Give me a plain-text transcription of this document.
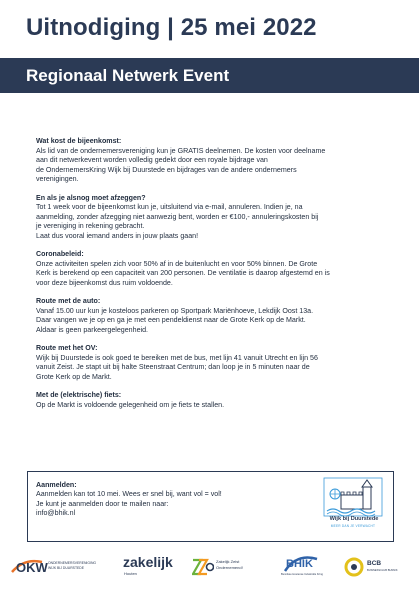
Uitnodiging | 25 mei 2022
Regionaal Netwerk Event
Wat kost de bijeenkomst:
Als lid van de ondernemersvereniging kun je GRATIS deelnemen. De kosten voor deelname
aan dit netwerkevent worden volledig gedekt door een royale bijdrage van
de OndernemersKring Wijk bij Duurstede en bijdrages van de andere ondernemers
verenigingen.
En als je alsnog moet afzeggen?
Tot 1 week voor de bijeenkomst kun je, uitsluitend via e-mail, annuleren. Indien je, na
aanmelding, zonder afzegging niet aanwezig bent, worden er €100,- annuleringskosten bij
je vereniging in rekening gebracht.
Laat dus vooral iemand anders in jouw plaats gaan!
Coronabeleid:
Onze activiteiten spelen zich voor 50% af in de buitenlucht en voor 50% binnen. De Grote
Kerk is berekend op een capaciteit van 200 personen. De ventilatie is daarop afgestemd en is
voor deze bijeenkomst dus ruim voldoende.
Route met de auto:
Vanaf 15.00 uur kun je kosteloos parkeren op Sportpark Mariënhoeve, Lekdijk Oost 13a.
Daar vangen we je op en ga je met een pendeldienst naar de Grote Kerk op de Markt.
Aldaar is geen parkeergelegenheid.
Route met het OV:
Wijk bij Duurstede is ook goed te bereiken met de bus, met lijn 41 vanuit Utrecht en lijn 56
vanuit Zeist. Je stapt uit bij halte Steenstraat Centrum; dan loop je in 5 minuten naar de
Grote Kerk op de Markt.
Met de (elektrische) fiets:
Op de Markt is voldoende gelegenheid om je fiets te stallen.
Aanmelden:
Aanmelden kan tot 10 mei. Wees er snel bij, want vol = vol!
Je kunt je aanmelden door te mailen naar:
info@bhik.nl
Wijk bij Duurstede
MEER DAN JE VERWACHT
OKW ONDERNEMERSVERENIGING
WIJK BIJ DUURSTEDE	zakelijk
Houten
Zakelijk Zeist
Ondernemend!	BHIK
Bunnikse Houtense Industriële Kring
BCB
BUSINESSCLUB BUNNIK
